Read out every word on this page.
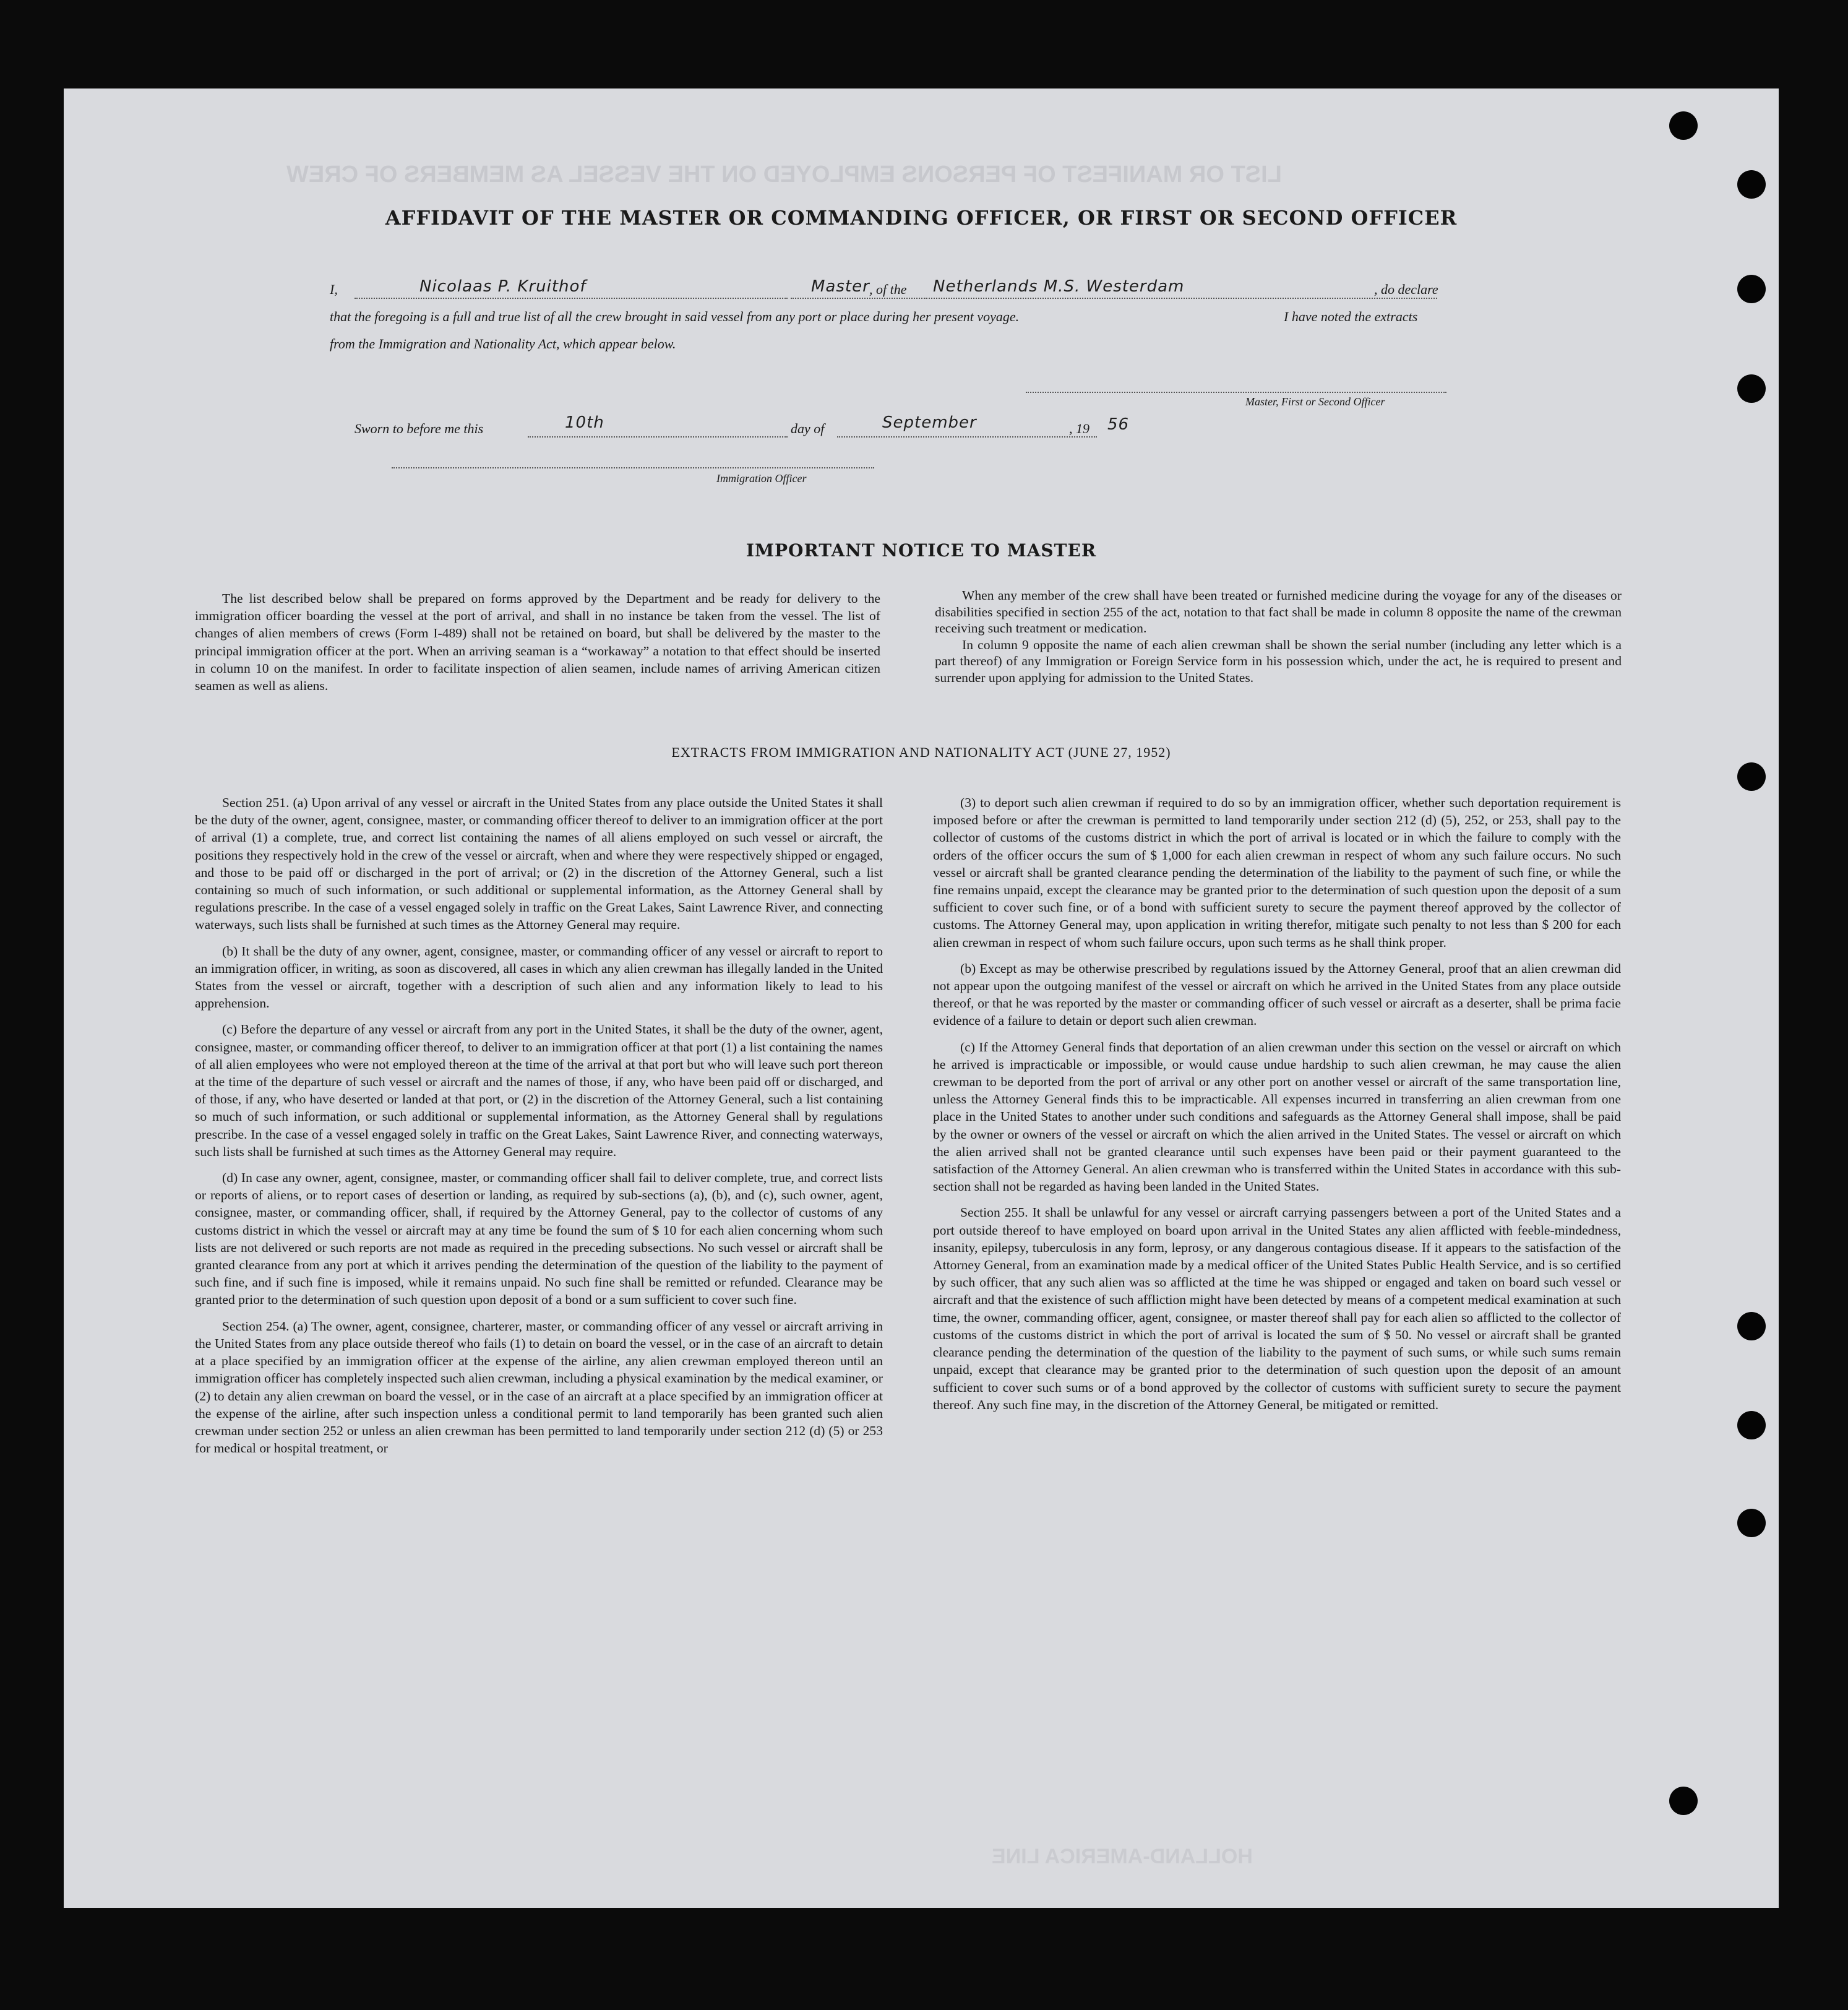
LIST OR MANIFEST OF PERSONS EMPLOYED ON THE VESSEL AS MEMBERS OF CREW
HOLLAND-AMERICA LINE
AFFIDAVIT OF THE MASTER OR COMMANDING OFFICER, OR FIRST OR SECOND OFFICER
I,	Nicolaas P. Kruithof	Master , of the Netherlands M.S. Westerdam	, do declare
that the foregoing is a full and true list of all the crew brought in said vessel from any port or place during her present voyage.	I have noted the extracts
from the Immigration and Nationality Act, which appear below.
Master, First or Second Officer
Sworn to before me this	10th	day of	September	, 19 56
Immigration Officer
IMPORTANT NOTICE TO MASTER

The list described below shall be prepared on forms approved by the Department and be ready for delivery to the immigration officer boarding the vessel at the port of arrival, and shall in no instance be taken from the vessel. The list of changes of alien members of crews (Form I-489) shall not be retained on board, but shall be delivered by the master to the principal immigration officer at the port. When an arriving seaman is a “workaway” a notation to that effect should be inserted in column 10 on the manifest. In order to facilitate inspection of alien seamen, include names of arriving American citizen seamen as well as aliens.

When any member of the crew shall have been treated or furnished medicine during the voyage for any of the diseases or disabilities specified in section 255 of the act, notation to that fact shall be made in column 8 opposite the name of the crewman receiving such treatment or medication.

In column 9 opposite the name of each alien crewman shall be shown the serial number (including any letter which is a part thereof) of any Immigration or Foreign Service form in his possession which, under the act, he is required to present and surrender upon applying for admission to the United States.

EXTRACTS FROM IMMIGRATION AND NATIONALITY ACT (JUNE 27, 1952)

Section 251. (a) Upon arrival of any vessel or aircraft in the United States from any place outside the United States it shall be the duty of the owner, agent, consignee, master, or commanding officer thereof to deliver to an immigration officer at the port of arrival (1) a complete, true, and correct list containing the names of all aliens employed on such vessel or aircraft, the positions they respectively hold in the crew of the vessel or aircraft, when and where they were respectively shipped or engaged, and those to be paid off or discharged in the port of arrival; or (2) in the discretion of the Attorney General, such a list containing so much of such information, or such additional or supplemental information, as the Attorney General shall by regulations prescribe. In the case of a vessel engaged solely in traffic on the Great Lakes, Saint Lawrence River, and connecting waterways, such lists shall be furnished at such times as the Attorney General may require.

(b) It shall be the duty of any owner, agent, consignee, master, or commanding officer of any vessel or aircraft to report to an immigration officer, in writing, as soon as discovered, all cases in which any alien crewman has illegally landed in the United States from the vessel or aircraft, together with a description of such alien and any information likely to lead to his apprehension.

(c) Before the departure of any vessel or aircraft from any port in the United States, it shall be the duty of the owner, agent, consignee, master, or commanding officer thereof, to deliver to an immigration officer at that port (1) a list containing the names of all alien employees who were not employed thereon at the time of the arrival at that port but who will leave such port thereon at the time of the departure of such vessel or aircraft and the names of those, if any, who have been paid off or discharged, and of those, if any, who have deserted or landed at that port, or (2) in the discretion of the Attorney General, such a list containing so much of such information, or such additional or supplemental information, as the Attorney General shall by regulations prescribe. In the case of a vessel engaged solely in traffic on the Great Lakes, Saint Lawrence River, and connecting waterways, such lists shall be furnished at such times as the Attorney General may require.

(d) In case any owner, agent, consignee, master, or commanding officer shall fail to deliver complete, true, and correct lists or reports of aliens, or to report cases of desertion or landing, as required by sub-sections (a), (b), and (c), such owner, agent, consignee, master, or commanding officer, shall, if required by the Attorney General, pay to the collector of customs of any customs district in which the vessel or aircraft may at any time be found the sum of $ 10 for each alien concerning whom such lists are not delivered or such reports are not made as required in the preceding subsections. No such vessel or aircraft shall be granted clearance from any port at which it arrives pending the determination of the question of the liability to the payment of such fine, and if such fine is imposed, while it remains unpaid. No such fine shall be remitted or refunded. Clearance may be granted prior to the determination of such question upon deposit of a bond or a sum sufficient to cover such fine.

Section 254. (a) The owner, agent, consignee, charterer, master, or commanding officer of any vessel or aircraft arriving in the United States from any place outside thereof who fails (1) to detain on board the vessel, or in the case of an aircraft to detain at a place specified by an immigration officer at the expense of the airline, any alien crewman employed thereon until an immigration officer has completely inspected such alien crewman, including a physical examination by the medical examiner, or (2) to detain any alien crewman on board the vessel, or in the case of an aircraft at a place specified by an immigration officer at the expense of the airline, after such inspection unless a conditional permit to land temporarily has been granted such alien crewman under section 252 or unless an alien crewman has been permitted to land temporarily under section 212 (d) (5) or 253 for medical or hospital treatment, or

(3) to deport such alien crewman if required to do so by an immigration officer, whether such deportation requirement is imposed before or after the crewman is permitted to land temporarily under section 212 (d) (5), 252, or 253, shall pay to the collector of customs of the customs district in which the port of arrival is located or in which the failure to comply with the orders of the officer occurs the sum of $ 1,000 for each alien crewman in respect of whom any such failure occurs. No such vessel or aircraft shall be granted clearance pending the determination of the liability to the payment of such fine, or while the fine remains unpaid, except the clearance may be granted prior to the determination of such question upon the deposit of a sum sufficient to cover such fine, or of a bond with sufficient surety to secure the payment thereof approved by the collector of customs. The Attorney General may, upon application in writing therefor, mitigate such penalty to not less than $ 200 for each alien crewman in respect of whom such failure occurs, upon such terms as he shall think proper.

(b) Except as may be otherwise prescribed by regulations issued by the Attorney General, proof that an alien crewman did not appear upon the outgoing manifest of the vessel or aircraft on which he arrived in the United States from any place outside thereof, or that he was reported by the master or commanding officer of such vessel or aircraft as a deserter, shall be prima facie evidence of a failure to detain or deport such alien crewman.

(c) If the Attorney General finds that deportation of an alien crewman under this section on the vessel or aircraft on which he arrived is impracticable or impossible, or would cause undue hardship to such alien crewman, he may cause the alien crewman to be deported from the port of arrival or any other port on another vessel or aircraft of the same transportation line, unless the Attorney General finds this to be impracticable. All expenses incurred in transferring an alien crewman from one place in the United States to another under such conditions and safeguards as the Attorney General shall impose, shall be paid by the owner or owners of the vessel or aircraft on which the alien arrived in the United States. The vessel or aircraft on which the alien arrived shall not be granted clearance until such expenses have been paid or their payment guaranteed to the satisfaction of the Attorney General. An alien crewman who is transferred within the United States in accordance with this sub-section shall not be regarded as having been landed in the United States.

Section 255. It shall be unlawful for any vessel or aircraft carrying passengers between a port of the United States and a port outside thereof to have employed on board upon arrival in the United States any alien afflicted with feeble-mindedness, insanity, epilepsy, tuberculosis in any form, leprosy, or any dangerous contagious disease. If it appears to the satisfaction of the Attorney General, from an examination made by a medical officer of the United States Public Health Service, and is so certified by such officer, that any such alien was so afflicted at the time he was shipped or engaged and taken on board such vessel or aircraft and that the existence of such affliction might have been detected by means of a competent medical examination at such time, the owner, commanding officer, agent, consignee, or master thereof shall pay for each alien so afflicted to the collector of customs of the customs district in which the port of arrival is located the sum of $ 50. No vessel or aircraft shall be granted clearance pending the determination of the question of the liability to the payment of such sums, or while such sums remain unpaid, except that clearance may be granted prior to the determination of such question upon the deposit of an amount sufficient to cover such sums or of a bond approved by the collector of customs with sufficient surety to secure the payment thereof. Any such fine may, in the discretion of the Attorney General, be mitigated or remitted.
